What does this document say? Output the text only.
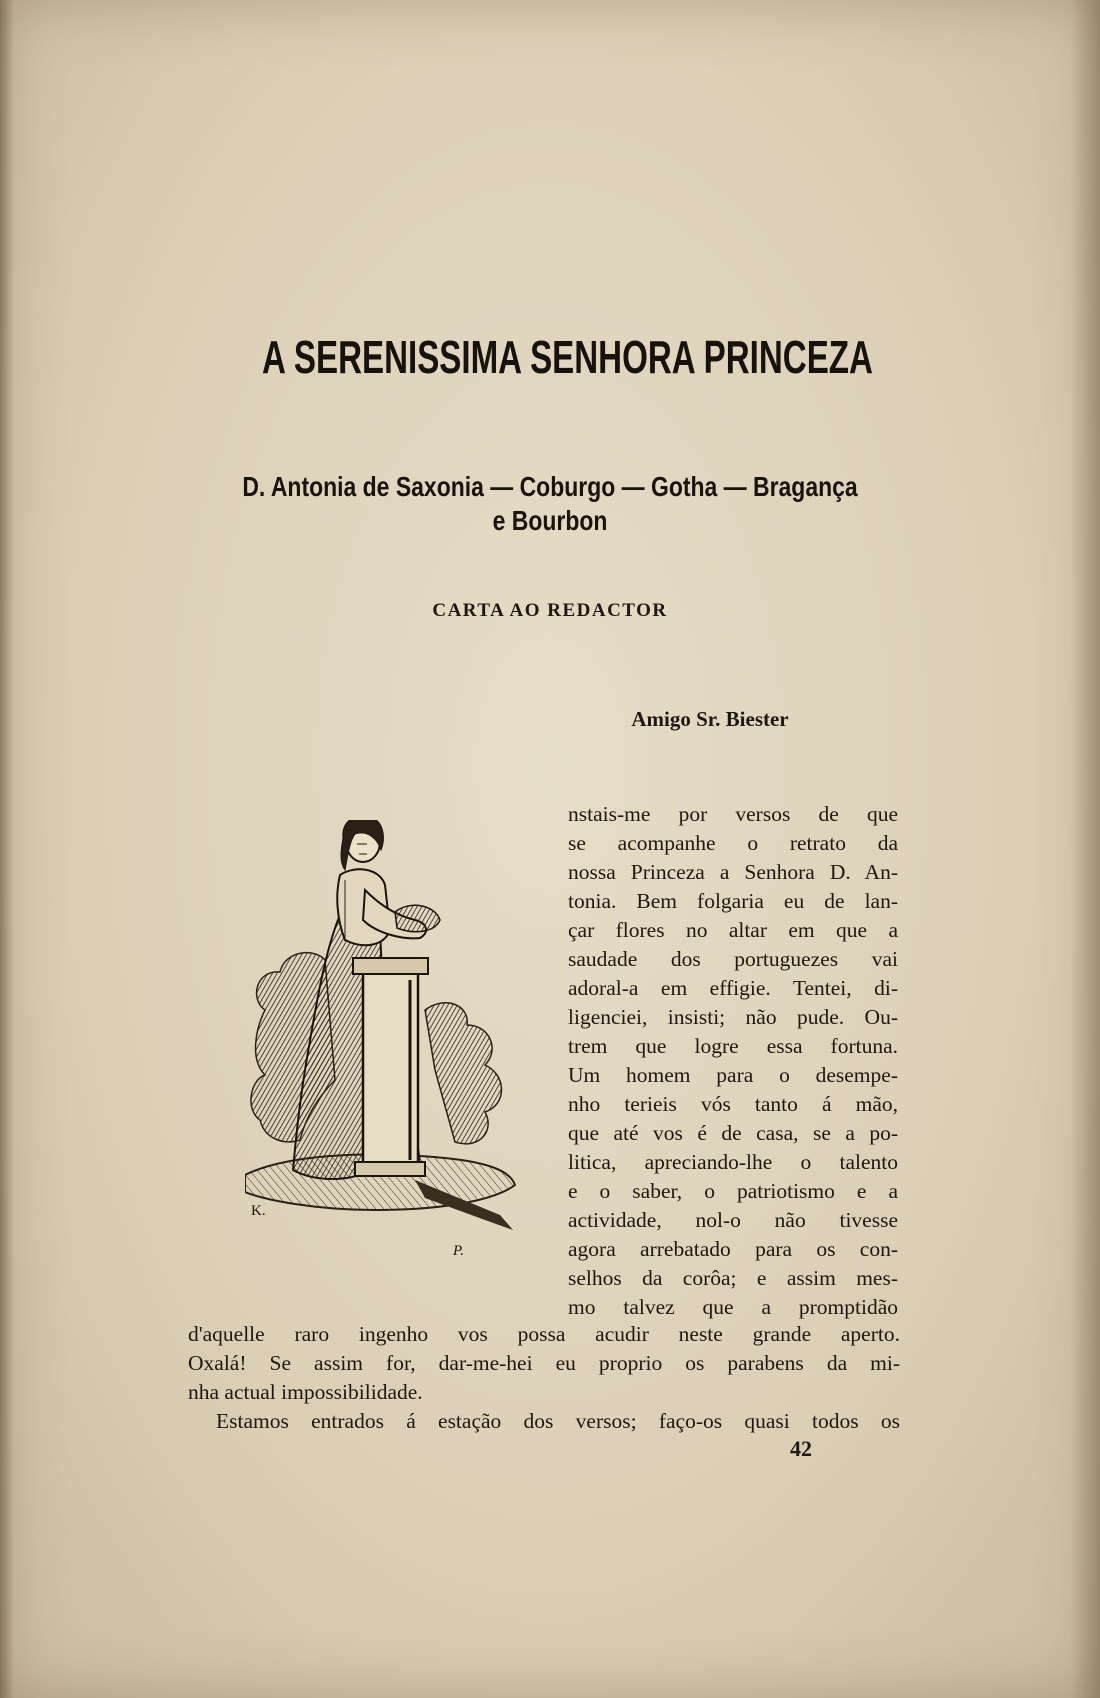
A SERENISSIMA SENHORA PRINCEZA
D. Antonia de Saxonia — Coburgo — Gotha — Bragança
e Bourbon
CARTA AO REDACTOR
Amigo Sr. Biester
K.
P.
nstais-me por versos de que
se acompanhe o retrato da
nossa Princeza a Senhora D. An-
tonia. Bem folgaria eu de lan-
çar flores no altar em que a
saudade dos portuguezes vai
adoral-a em effigie. Tentei, di-
ligenciei, insisti; não pude. Ou-
trem que logre essa fortuna.
Um homem para o desempe-
nho terieis vós tanto á mão,
que até vos é de casa, se a po-
litica, apreciando-lhe o talento
e o saber, o patriotismo e a
actividade, nol-o não tivesse
agora arrebatado para os con-
selhos da corôa; e assim mes-
mo talvez que a promptidão
d'aquelle raro ingenho vos possa acudir neste grande aperto.
Oxalá! Se assim for, dar-me-hei eu proprio os parabens da mi-
nha actual impossibilidade.
Estamos entrados á estação dos versos; faço-os quasi todos os
42
